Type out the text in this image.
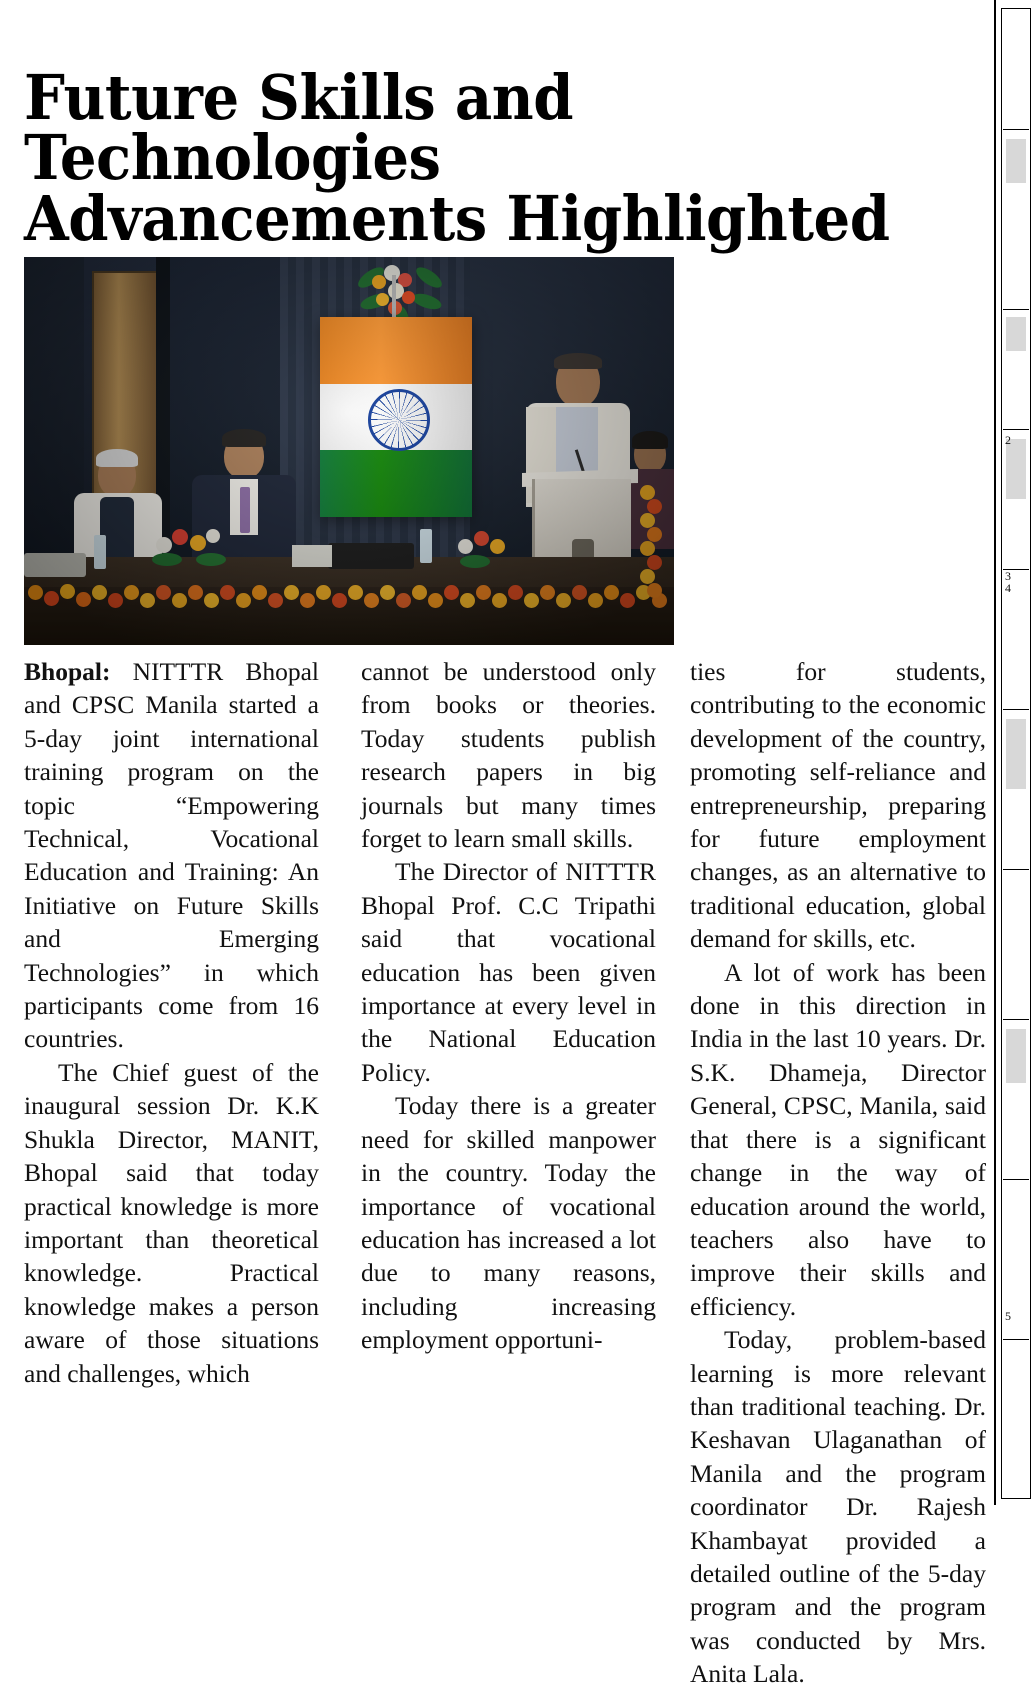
Future Skills and Technologies
Advancements Highlighted

Bhopal: NITTTR Bhopal and CPSC Manila started a 5-day joint international training program on the topic “Empowering Technical, Vocational Education and Training: An Initiative on Future Skills and Emerging Technologies” in which participants come from 16 countries.

The Chief guest of the inaugural session Dr. K.K Shukla Director, MANIT, Bhopal said that today practical knowledge is more important than theoretical knowledge. Practical knowledge makes a person aware of those situations and challenges, which

cannot be understood only from books or theories. Today students publish research papers in big journals but many times forget to learn small skills.

The Director of NITTTR Bhopal Prof. C.C Tripathi said that vocational education has been given importance at every level in the National Education Policy.

Today there is a greater need for skilled manpower in the country. Today the importance of vocational education has increased a lot due to many reasons, including increasing employment opportuni-

ties for students, contributing to the economic development of the country, promoting self-reliance and entrepreneurship, preparing for future employment changes, as an alternative to traditional education, global demand for skills, etc.

A lot of work has been done in this direction in India in the last 10 years. Dr. S.K. Dhameja, Director General, CPSC, Manila, said that there is a significant change in the way of education around the world, teachers also have to improve their skills and efficiency.

Today, problem-based learning is more relevant than traditional teaching. Dr. Keshavan Ulaganathan of Manila and the program coordinator Dr. Rajesh Khambayat provided a detailed outline of the 5-day program and the program was conducted by Mrs. Anita Lala.

2
3
4
5
